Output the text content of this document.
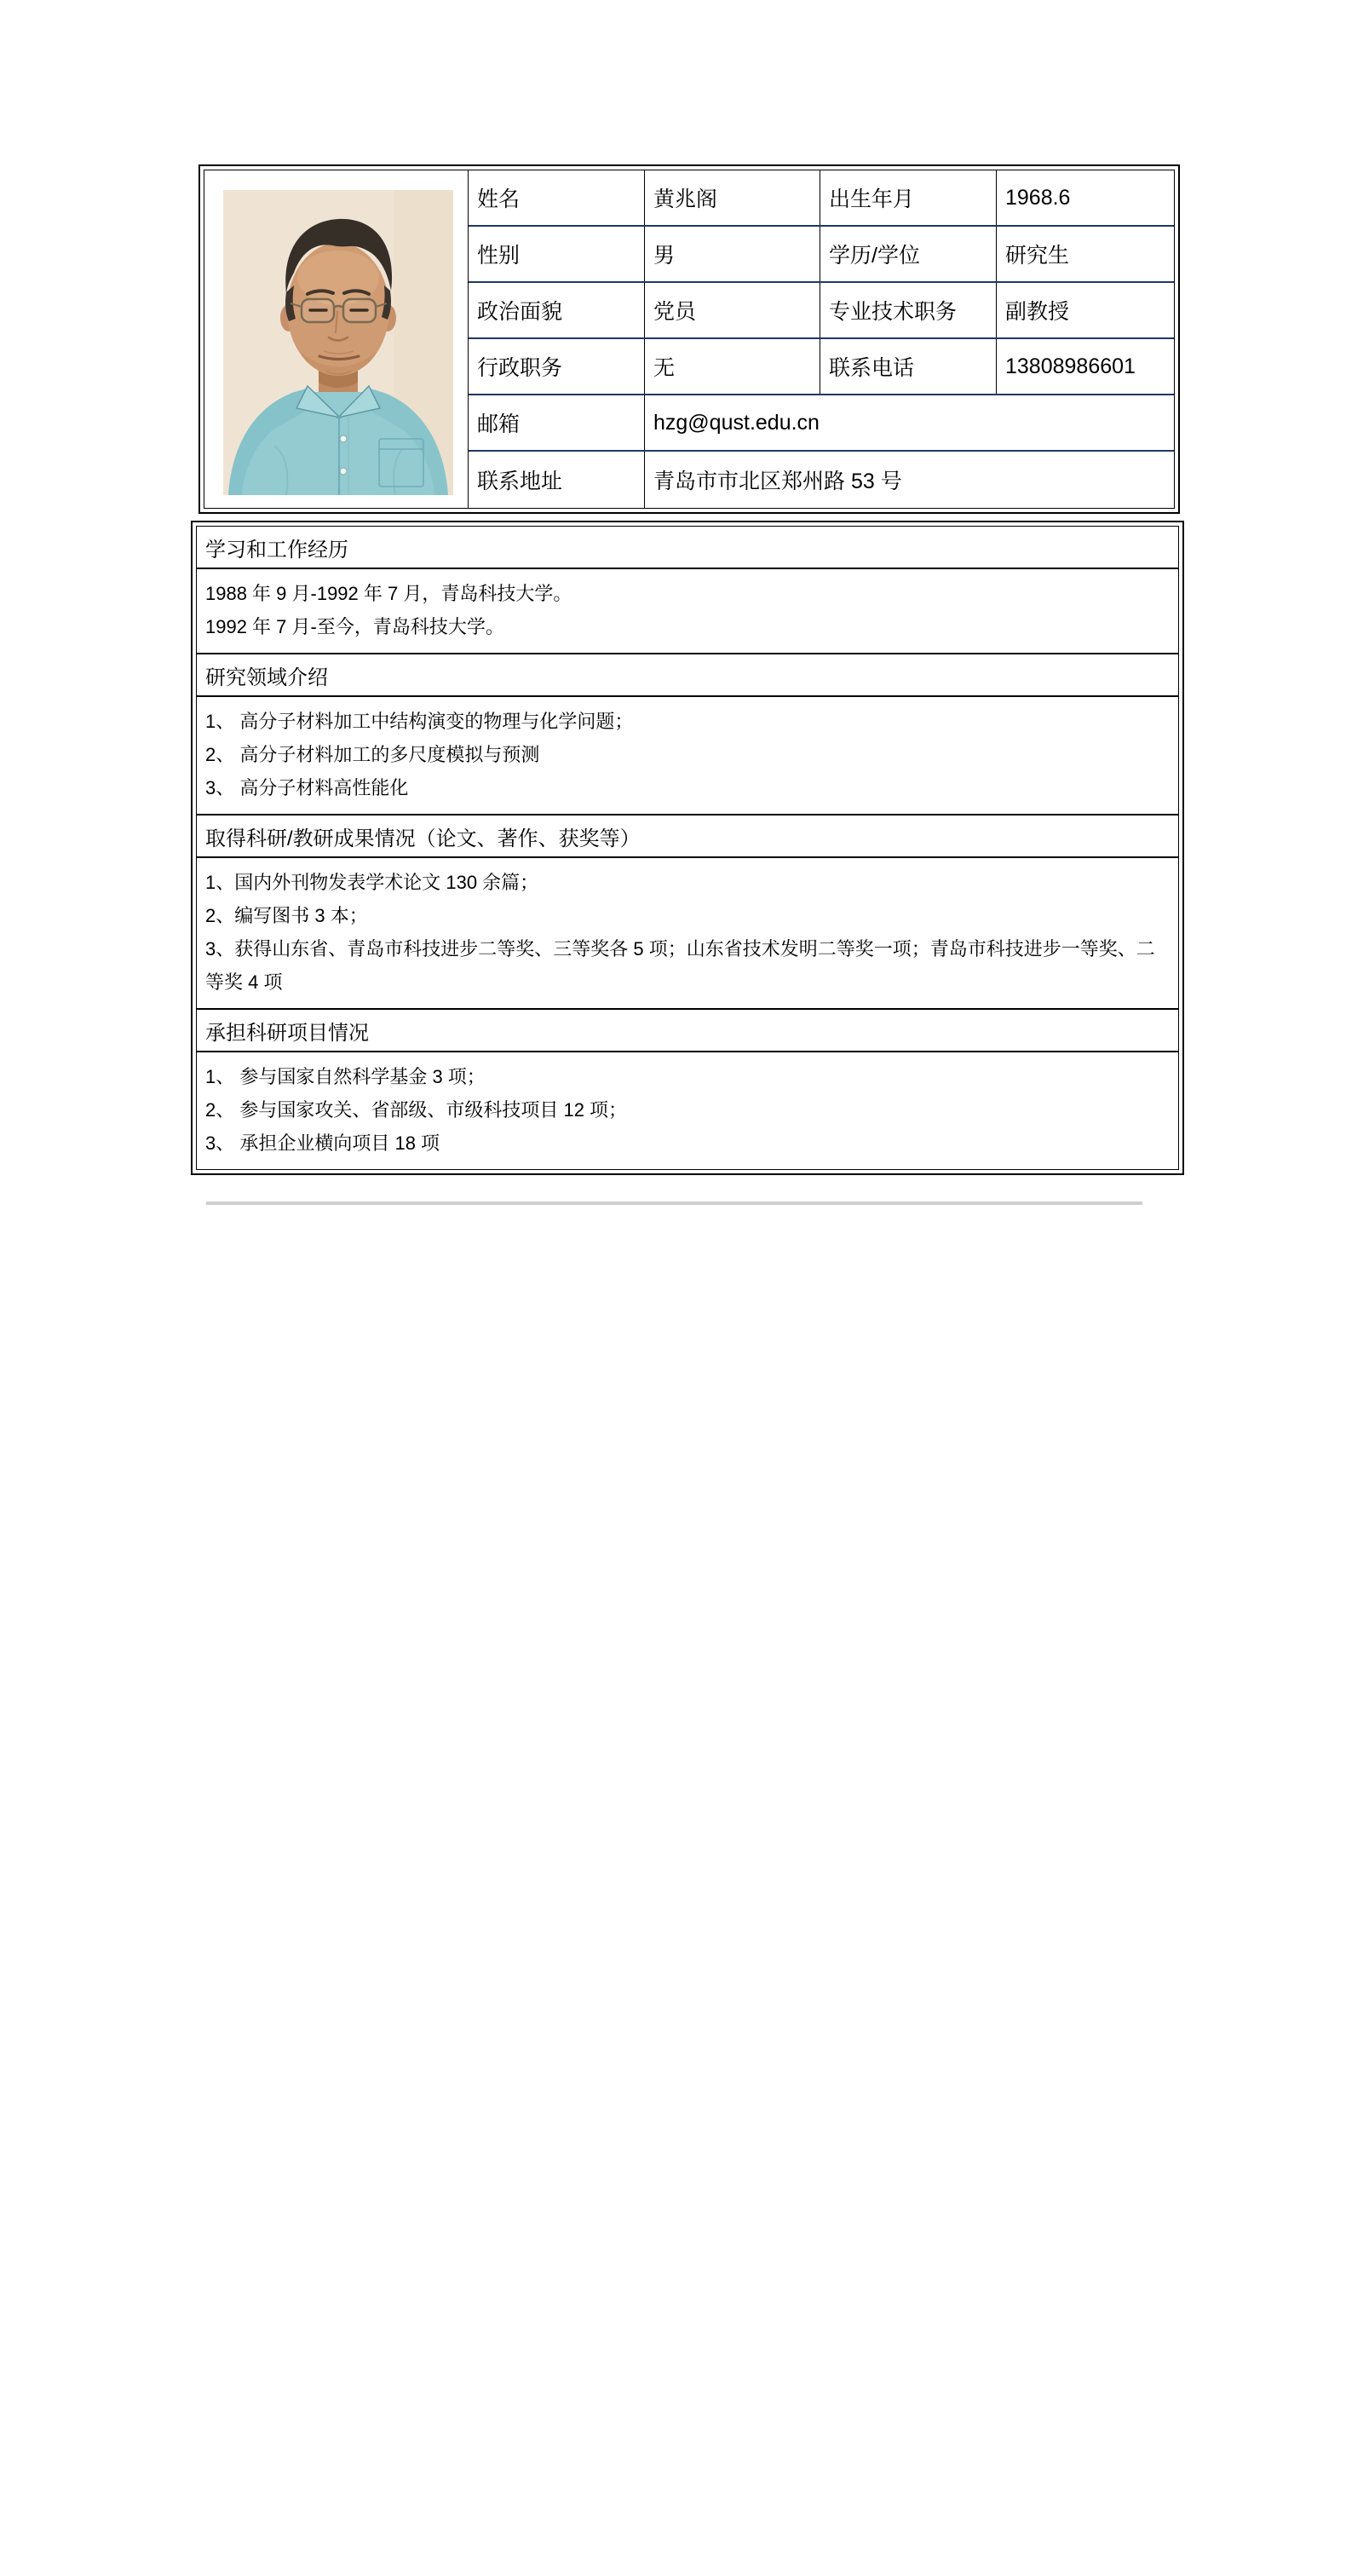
姓名	黄兆阁	出生年月	1968.6
性别	男	学历/学位	研究生
政治面貌	党员	专业技术职务	副教授
行政职务	无	联系电话	13808986601
邮箱	hzg@qust.edu.cn
联系地址	青岛市市北区郑州路 53 号
学习和工作经历
1988 年 9 月-1992 年 7 月，青岛科技大学。
1992 年 7 月-至今，青岛科技大学。
研究领域介绍
1、 高分子材料加工中结构演变的物理与化学问题；
2、 高分子材料加工的多尺度模拟与预测
3、 高分子材料高性能化
取得科研/教研成果情况（论文、著作、获奖等）
1、国内外刊物发表学术论文 130 余篇；
2、编写图书 3 本；
3、获得山东省、青岛市科技进步二等奖、三等奖各 5 项；山东省技术发明二等奖一项；青岛市科技进步一等奖、二等奖 4 项
承担科研项目情况
1、 参与国家自然科学基金 3 项；
2、 参与国家攻关、省部级、市级科技项目 12 项；
3、 承担企业横向项目 18 项
